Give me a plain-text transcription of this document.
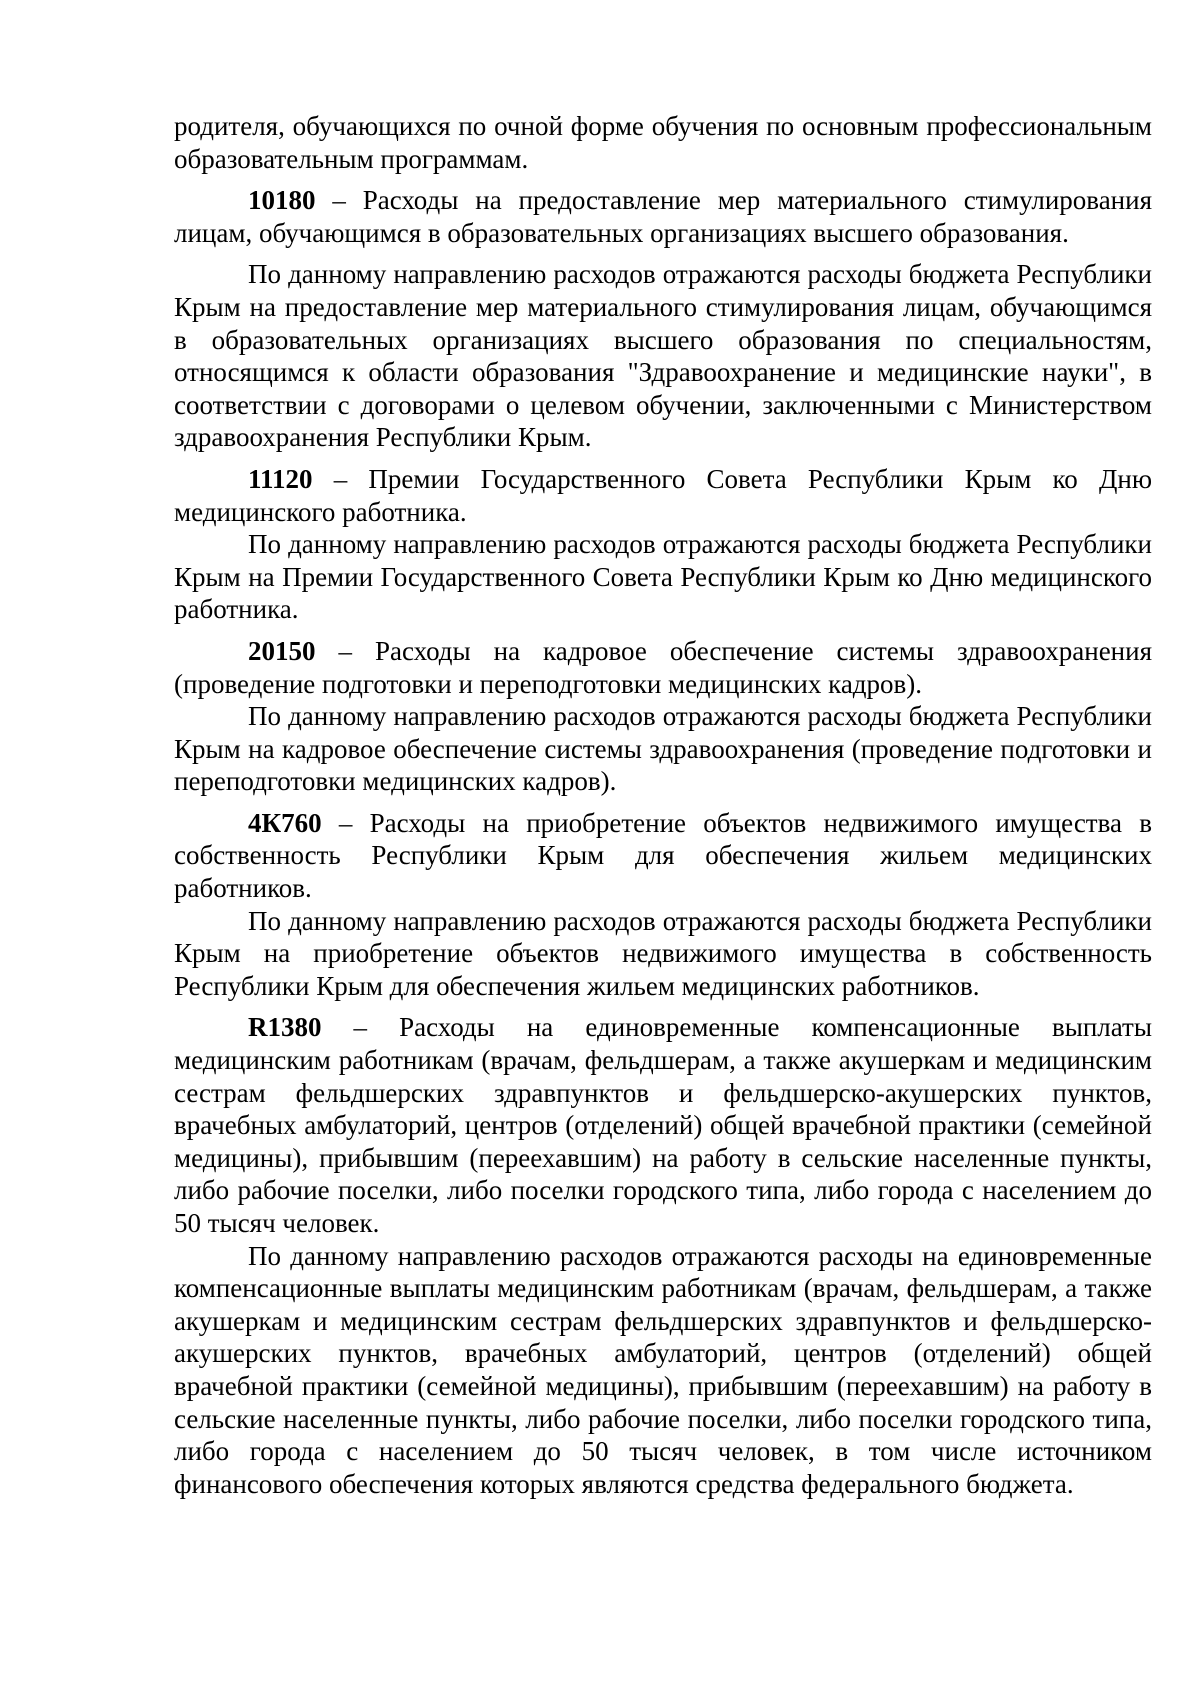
родителя, обучающихся по очной форме обучения по основным профессиональным образовательным программам.

10180 – Расходы на предоставление мер материального стимулирования лицам, обучающимся в образовательных организациях высшего образования.

По данному направлению расходов отражаются расходы бюджета Республики Крым на предоставление мер материального стимулирования лицам, обучающимся в образовательных организациях высшего образования по специальностям, относящимся к области образования "Здравоохранение и медицинские науки", в соответствии с договорами о целевом обучении, заключенными с Министерством здравоохранения Республики Крым.

11120 – Премии Государственного Совета Республики Крым ко Дню медицинского работника.

По данному направлению расходов отражаются расходы бюджета Республики Крым на Премии Государственного Совета Республики Крым ко Дню медицинского работника.

20150 – Расходы на кадровое обеспечение системы здравоохранения (проведение подготовки и переподготовки медицинских кадров).

По данному направлению расходов отражаются расходы бюджета Республики Крым на кадровое обеспечение системы здравоохранения (проведение подготовки и переподготовки медицинских кадров).

4К760 – Расходы на приобретение объектов недвижимого имущества в собственность Республики Крым для обеспечения жильем медицинских работников.

По данному направлению расходов отражаются расходы бюджета Республики Крым на приобретение объектов недвижимого имущества в собственность Республики Крым для обеспечения жильем медицинских работников.

R1380 – Расходы на единовременные компенсационные выплаты медицинским работникам (врачам, фельдшерам, а также акушеркам и медицинским сестрам фельдшерских здравпунктов и фельдшерско-акушерских пунктов, врачебных амбулаторий, центров (отделений) общей врачебной практики (семейной медицины), прибывшим (переехавшим) на работу в сельские населенные пункты, либо рабочие поселки, либо поселки городского типа, либо города с населением до 50 тысяч человек.

По данному направлению расходов отражаются расходы на единовременные компенсационные выплаты медицинским работникам (врачам, фельдшерам, а также акушеркам и медицинским сестрам фельдшерских здравпунктов и фельдшерско-акушерских пунктов, врачебных амбулаторий, центров (отделений) общей врачебной практики (семейной медицины), прибывшим (переехавшим) на работу в сельские населенные пункты, либо рабочие поселки, либо поселки городского типа, либо города с населением до 50 тысяч человек, в том числе источником финансового обеспечения которых являются средства федерального бюджета.
